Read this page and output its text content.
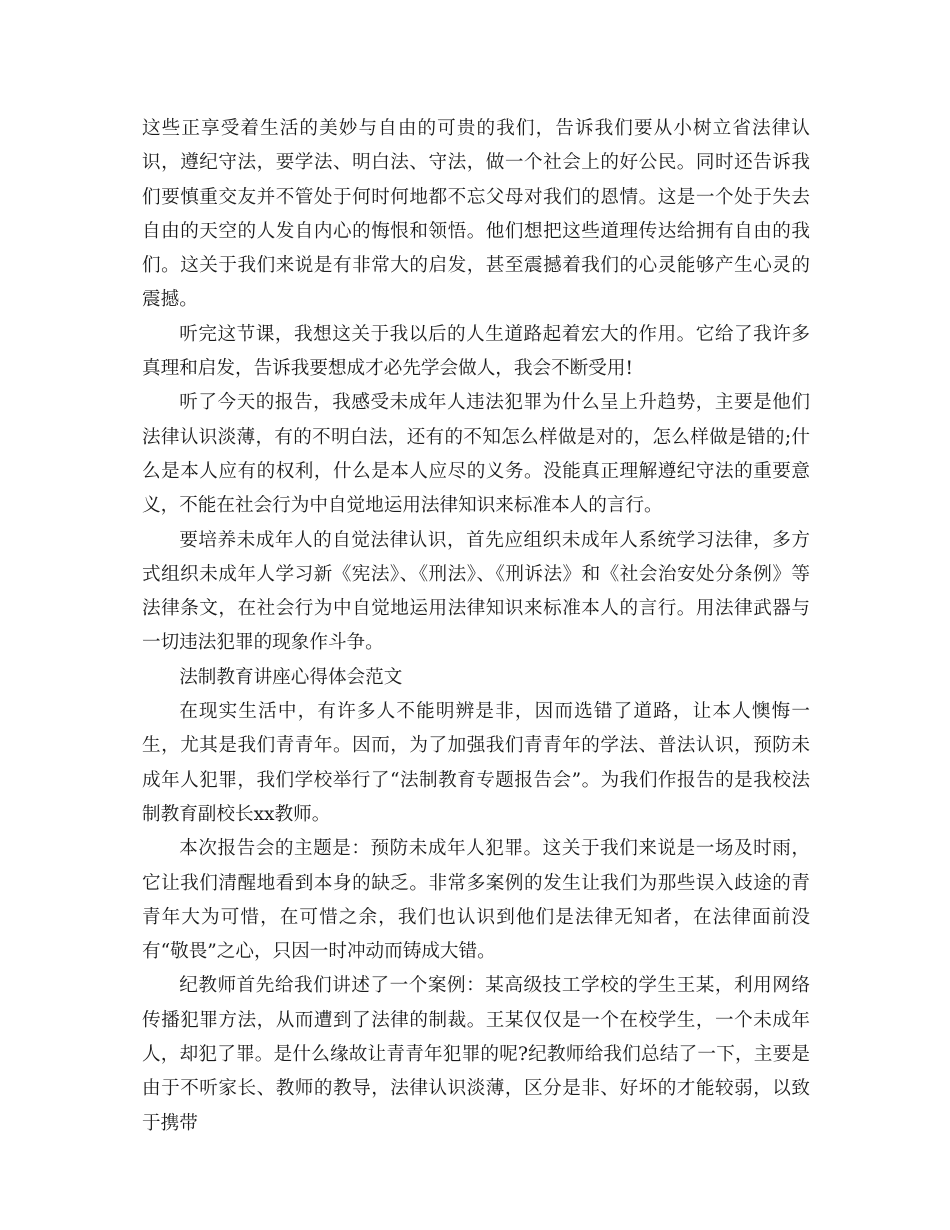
这些正享受着生活的美妙与自由的可贵的我们，告诉我们要从小树立省法律认识，遵纪守法，要学法、明白法、守法，做一个社会上的好公民。同时还告诉我们要慎重交友并不管处于何时何地都不忘父母对我们的恩情。这是一个处于失去自由的天空的人发自内心的悔恨和领悟。他们想把这些道理传达给拥有自由的我们。这关于我们来说是有非常大的启发，甚至震撼着我们的心灵能够产生心灵的震撼。

听完这节课，我想这关于我以后的人生道路起着宏大的作用。它给了我许多真理和启发，告诉我要想成才必先学会做人，我会不断受用!

听了今天的报告，我感受未成年人违法犯罪为什么呈上升趋势，主要是他们法律认识淡薄，有的不明白法，还有的不知怎么样做是对的，怎么样做是错的;什么是本人应有的权利，什么是本人应尽的义务。没能真正理解遵纪守法的重要意义，不能在社会行为中自觉地运用法律知识来标准本人的言行。

要培养未成年人的自觉法律认识，首先应组织未成年人系统学习法律，多方式组织未成年人学习新《宪法》、《刑法》、《刑诉法》和《社会治安处分条例》等法律条文，在社会行为中自觉地运用法律知识来标准本人的言行。用法律武器与一切违法犯罪的现象作斗争。

法制教育讲座心得体会范文

在现实生活中，有许多人不能明辨是非，因而选错了道路，让本人懊悔一生，尤其是我们青青年。因而，为了加强我们青青年的学法、普法认识，预防未成年人犯罪，我们学校举行了“法制教育专题报告会”。为我们作报告的是我校法制教育副校长xx教师。

本次报告会的主题是：预防未成年人犯罪。这关于我们来说是一场及时雨，它让我们清醒地看到本身的缺乏。非常多案例的发生让我们为那些误入歧途的青青年大为可惜，在可惜之余，我们也认识到他们是法律无知者，在法律面前没有“敬畏”之心，只因一时冲动而铸成大错。

纪教师首先给我们讲述了一个案例：某高级技工学校的学生王某，利用网络传播犯罪方法，从而遭到了法律的制裁。王某仅仅是一个在校学生，一个未成年人，却犯了罪。是什么缘故让青青年犯罪的呢?纪教师给我们总结了一下，主要是由于不听家长、教师的教导，法律认识淡薄，区分是非、好坏的才能较弱，以致于携带
